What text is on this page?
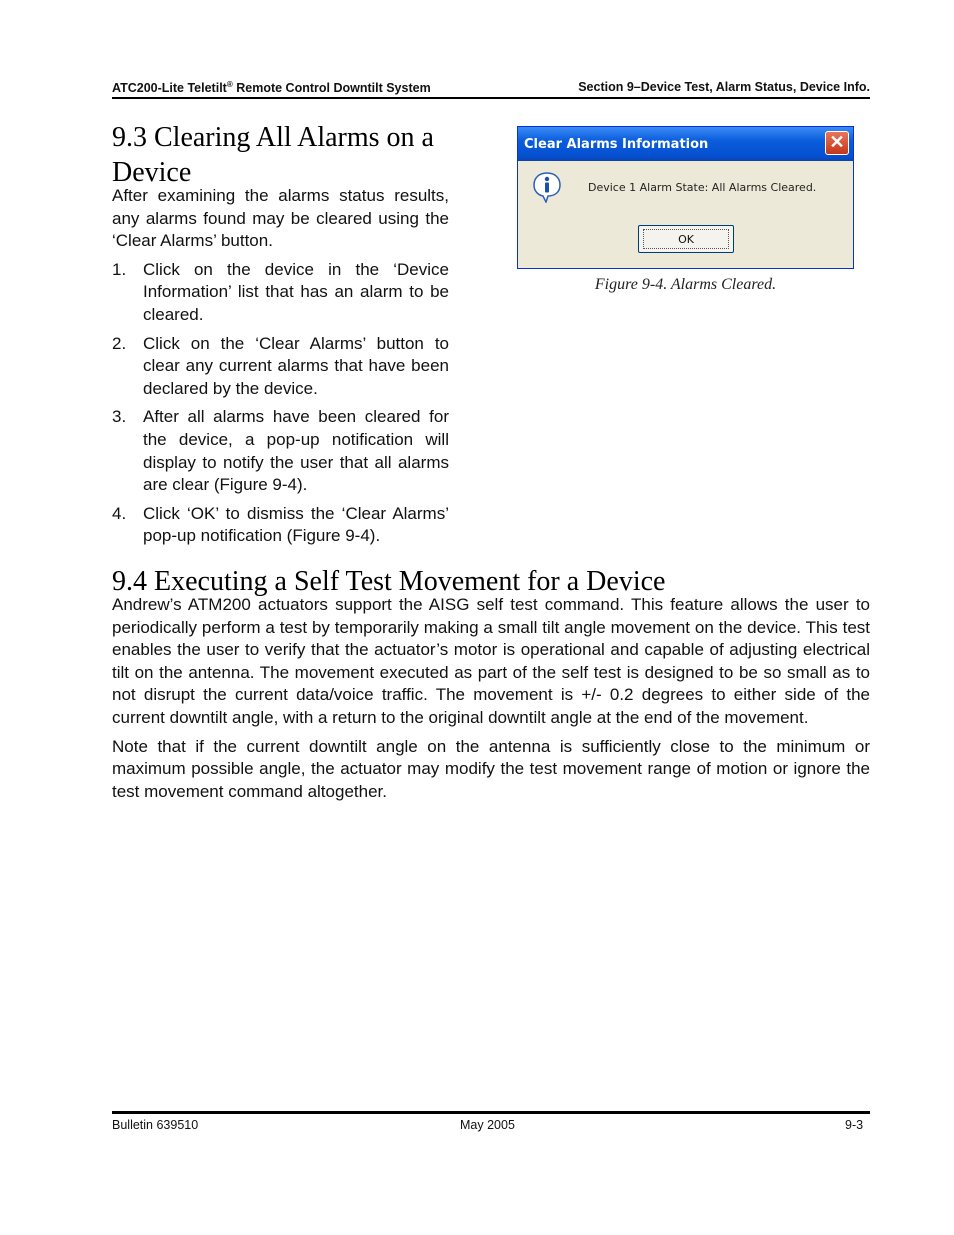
ATC200-Lite Teletilt® Remote Control Downtilt System	Section 9–Device Test, Alarm Status, Device Info.
9.3 Clearing All Alarms on a Device

After examining the alarms status results, any alarms found may be cleared using the ‘Clear Alarms’ button.

1. Click on the device in the ‘Device Information’ list that has an alarm to be cleared.
2. Click on the ‘Clear Alarms’ button to clear any current alarms that have been declared by the device.
3. After all alarms have been cleared for the device, a pop-up notification will display to notify the user that all alarms are clear (Figure 9-4).
4. Click ‘OK’ to dismiss the ‘Clear Alarms’ pop-up notification (Figure 9-4).
Clear Alarms Information	✕
Device 1 Alarm State: All Alarms Cleared.
OK
Figure 9-4. Alarms Cleared.
9.4 Executing a Self Test Movement for a Device

Andrew’s ATM200 actuators support the AISG self test command. This feature allows the user to periodically perform a test by temporarily making a small tilt angle movement on the device. This test enables the user to verify that the actuator’s motor is operational and capable of adjusting electrical tilt on the antenna. The movement executed as part of the self test is designed to be so small as to not disrupt the current data/voice traffic. The movement is +/- 0.2 degrees to either side of the current downtilt angle, with a return to the original downtilt angle at the end of the movement.

Note that if the current downtilt angle on the antenna is sufficiently close to the minimum or maximum possible angle, the actuator may modify the test movement range of motion or ignore the test movement command altogether.

Bulletin 639510	May 2005	9-3
